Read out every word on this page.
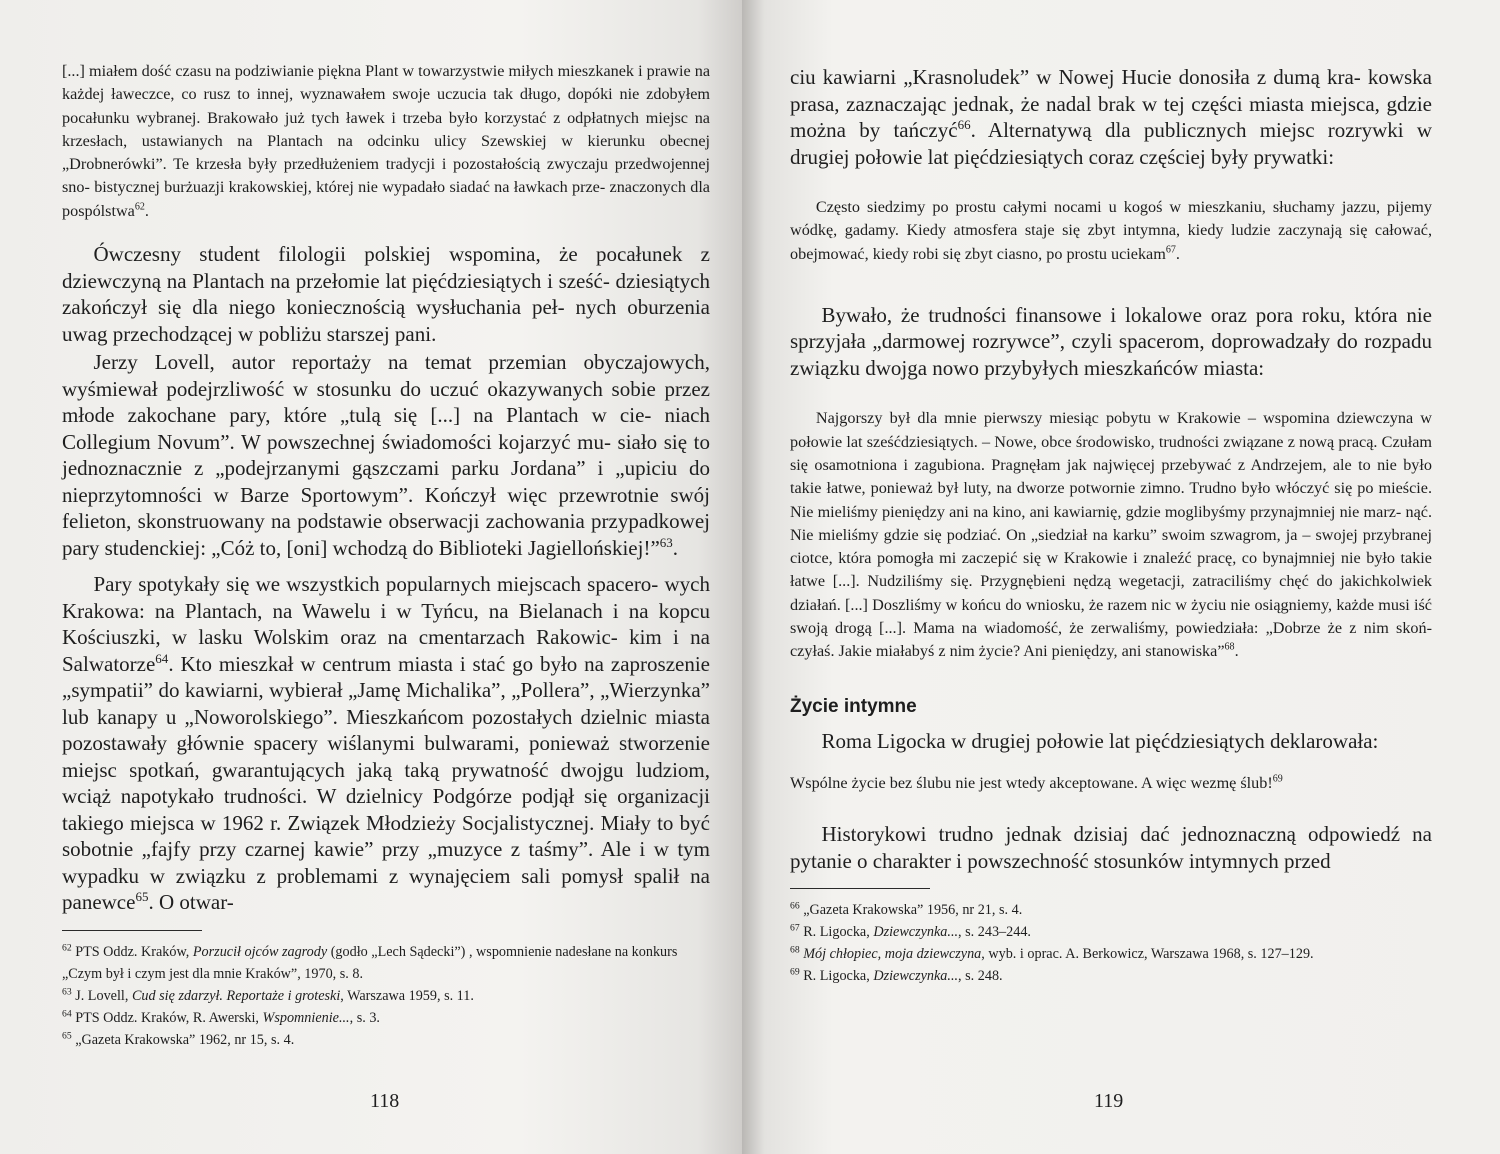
[...] miałem dość czasu na podziwianie piękna Plant w towarzystwie miłych mieszkanek i prawie na każdej ławeczce, co rusz to innej, wyznawałem swoje uczucia tak długo, dopóki nie zdobyłem pocałunku wybranej. Brakowało już tych ławek i trzeba było korzystać z odpłatnych miejsc na krzesłach, ustawianych na Plantach na odcinku ulicy Szewskiej w kierunku obecnej „Drobnerówki”. Te krzesła były przedłużeniem tradycji i pozostałością zwyczaju przedwojennej sno- bistycznej burżuazji krakowskiej, której nie wypadało siadać na ławkach prze- znaczonych dla pospólstwa$^{62}$.

Ówczesny student filologii polskiej wspomina, że pocałunek z dziewczyną na Plantach na przełomie lat pięćdziesiątych i sześć- dziesiątych zakończył się dla niego koniecznością wysłuchania peł- nych oburzenia uwag przechodzącej w pobliżu starszej pani.

Jerzy Lovell, autor reportaży na temat przemian obyczajowych, wyśmiewał podejrzliwość w stosunku do uczuć okazywanych sobie przez młode zakochane pary, które „tulą się [...] na Plantach w cie- niach Collegium Novum”. W powszechnej świadomości kojarzyć mu- siało się to jednoznacznie z „podejrzanymi gąszczami parku Jordana” i „upiciu do nieprzytomności w Barze Sportowym”. Kończył więc przewrotnie swój felieton, skonstruowany na podstawie obserwacji zachowania przypadkowej pary studenckiej: „Cóż to, [oni] wchodzą do Biblioteki Jagiellońskiej!”$^{63}$.

Pary spotykały się we wszystkich popularnych miejscach spacero- wych Krakowa: na Plantach, na Wawelu i w Tyńcu, na Bielanach i na kopcu Kościuszki, w lasku Wolskim oraz na cmentarzach Rakowic- kim i na Salwatorze$^{64}$. Kto mieszkał w centrum miasta i stać go było na zaproszenie „sympatii” do kawiarni, wybierał „Jamę Michalika”, „Pollera”, „Wierzynka” lub kanapy u „Noworolskiego”. Mieszkańcom pozostałych dzielnic miasta pozostawały głównie spacery wiślanymi bulwarami, ponieważ stworzenie miejsc spotkań, gwarantujących jaką taką prywatność dwojgu ludziom, wciąż napotykało trudności. W dzielnicy Podgórze podjął się organizacji takiego miejsca w 1962 r. Związek Młodzieży Socjalistycznej. Miały to być sobotnie „fajfy przy czarnej kawie” przy „muzyce z taśmy”. Ale i w tym wypadku w związku z problemami z wynajęciem sali pomysł spalił na panewce$^{65}$. O otwar-

$^{62}$ PTS Oddz. Kraków, Porzucił ojców zagrody (godło „Lech Sądecki”) , wspomnienie nadesłane na konkurs „Czym był i czym jest dla mnie Kraków”, 1970, s. 8.

$^{63}$ J. Lovell, Cud się zdarzył. Reportaże i groteski, Warszawa 1959, s. 11.

$^{64}$ PTS Oddz. Kraków, R. Awerski, Wspomnienie..., s. 3.

$^{65}$ „Gazeta Krakowska” 1962, nr 15, s. 4.

118

ciu kawiarni „Krasnoludek” w Nowej Hucie donosiła z dumą kra- kowska prasa, zaznaczając jednak, że nadal brak w tej części miasta miejsca, gdzie można by tańczyć$^{66}$. Alternatywą dla publicznych miejsc rozrywki w drugiej połowie lat pięćdziesiątych coraz częściej były prywatki:

Często siedzimy po prostu całymi nocami u kogoś w mieszkaniu, słuchamy jazzu, pijemy wódkę, gadamy. Kiedy atmosfera staje się zbyt intymna, kiedy ludzie zaczynają się całować, obejmować, kiedy robi się zbyt ciasno, po prostu uciekam$^{67}$.

Bywało, że trudności finansowe i lokalowe oraz pora roku, która nie sprzyjała „darmowej rozrywce”, czyli spacerom, doprowadzały do rozpadu związku dwojga nowo przybyłych mieszkańców miasta:

Najgorszy był dla mnie pierwszy miesiąc pobytu w Krakowie – wspomina dziewczyna w połowie lat sześćdziesiątych. – Nowe, obce środowisko, trudności związane z nową pracą. Czułam się osamotniona i zagubiona. Pragnęłam jak najwięcej przebywać z Andrzejem, ale to nie było takie łatwe, ponieważ był luty, na dworze potwornie zimno. Trudno było włóczyć się po mieście. Nie mieliśmy pieniędzy ani na kino, ani kawiarnię, gdzie moglibyśmy przynajmniej nie marz- nąć. Nie mieliśmy gdzie się podziać. On „siedział na karku” swoim szwagrom, ja – swojej przybranej ciotce, która pomogła mi zaczepić się w Krakowie i znaleźć pracę, co bynajmniej nie było takie łatwe [...]. Nudziliśmy się. Przygnębieni nędzą wegetacji, zatraciliśmy chęć do jakichkolwiek działań. [...] Doszliśmy w końcu do wniosku, że razem nic w życiu nie osiągniemy, każde musi iść swoją drogą [...]. Mama na wiadomość, że zerwaliśmy, powiedziała: „Dobrze że z nim skoń- czyłaś. Jakie miałabyś z nim życie? Ani pieniędzy, ani stanowiska”$^{68}$.

Życie intymne

Roma Ligocka w drugiej połowie lat pięćdziesiątych deklarowała:

Wspólne życie bez ślubu nie jest wtedy akceptowane. A więc wezmę ślub!$^{69}$

Historykowi trudno jednak dzisiaj dać jednoznaczną odpowiedź na pytanie o charakter i powszechność stosunków intymnych przed

$^{66}$ „Gazeta Krakowska” 1956, nr 21, s. 4.

$^{67}$ R. Ligocka, Dziewczynka..., s. 243–244.

$^{68}$ Mój chłopiec, moja dziewczyna, wyb. i oprac. A. Berkowicz, Warszawa 1968, s. 127–129.

$^{69}$ R. Ligocka, Dziewczynka..., s. 248.

119
